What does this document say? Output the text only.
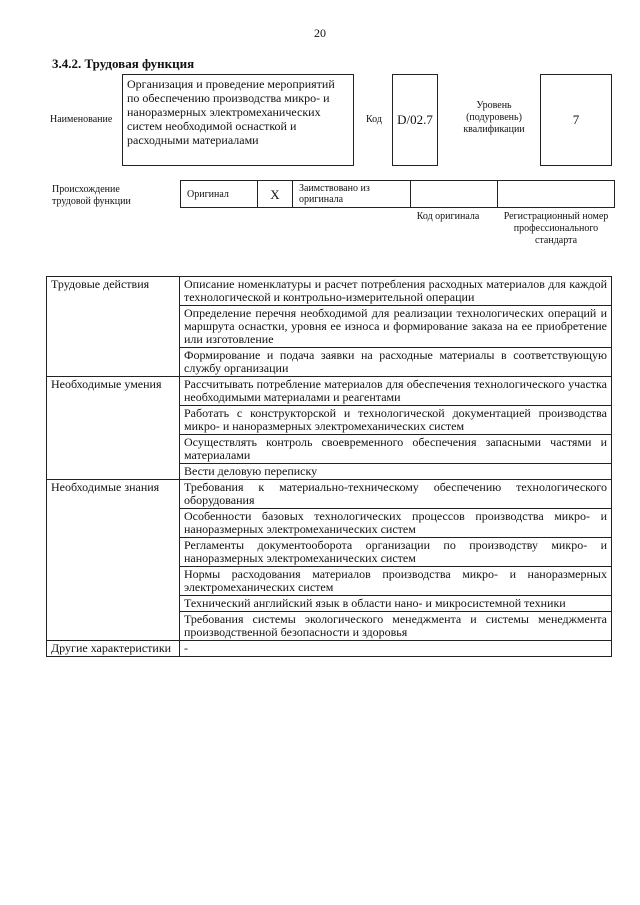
20
3.4.2. Трудовая функция
Наименование
Организация и проведение мероприятий по обеспечению производства микро- и наноразмерных электромеханических систем необходимой оснасткой и расходными материалами
Код D/02.7
Уровень (подуровень) квалификации
7
Происхождение трудовой функции
Оригинал	X	Заимствовано из оригинала		
Код оригинала	Регистрационный номер профессионального стандарта
Трудовые действия	Описание номенклатуры и расчет потребления расходных материалов для каждой технологической и контрольно-измерительной операции
	Определение перечня необходимой для реализации технологических операций и маршрута оснастки, уровня ее износа и формирование заказа на ее приобретение или изготовление
	Формирование и подача заявки на расходные материалы в соответствующую службу организации
Необходимые умения	Рассчитывать потребление материалов для обеспечения технологического участка необходимыми материалами и реагентами
	Работать с конструкторской и технологической документацией производства микро- и наноразмерных электромеханических систем
	Осуществлять контроль своевременного обеспечения запасными частями и материалами
	Вести деловую переписку
Необходимые знания	Требования к материально-техническому обеспечению технологического оборудования
	Особенности базовых технологических процессов производства микро- и наноразмерных электромеханических систем
	Регламенты документооборота организации по производству микро- и наноразмерных электромеханических систем
	Нормы расходования материалов производства микро- и наноразмерных электромеханических систем
	Технический английский язык в области нано- и микросистемной техники
	Требования системы экологического менеджмента и системы менеджмента производственной безопасности и здоровья
Другие характеристики	-
